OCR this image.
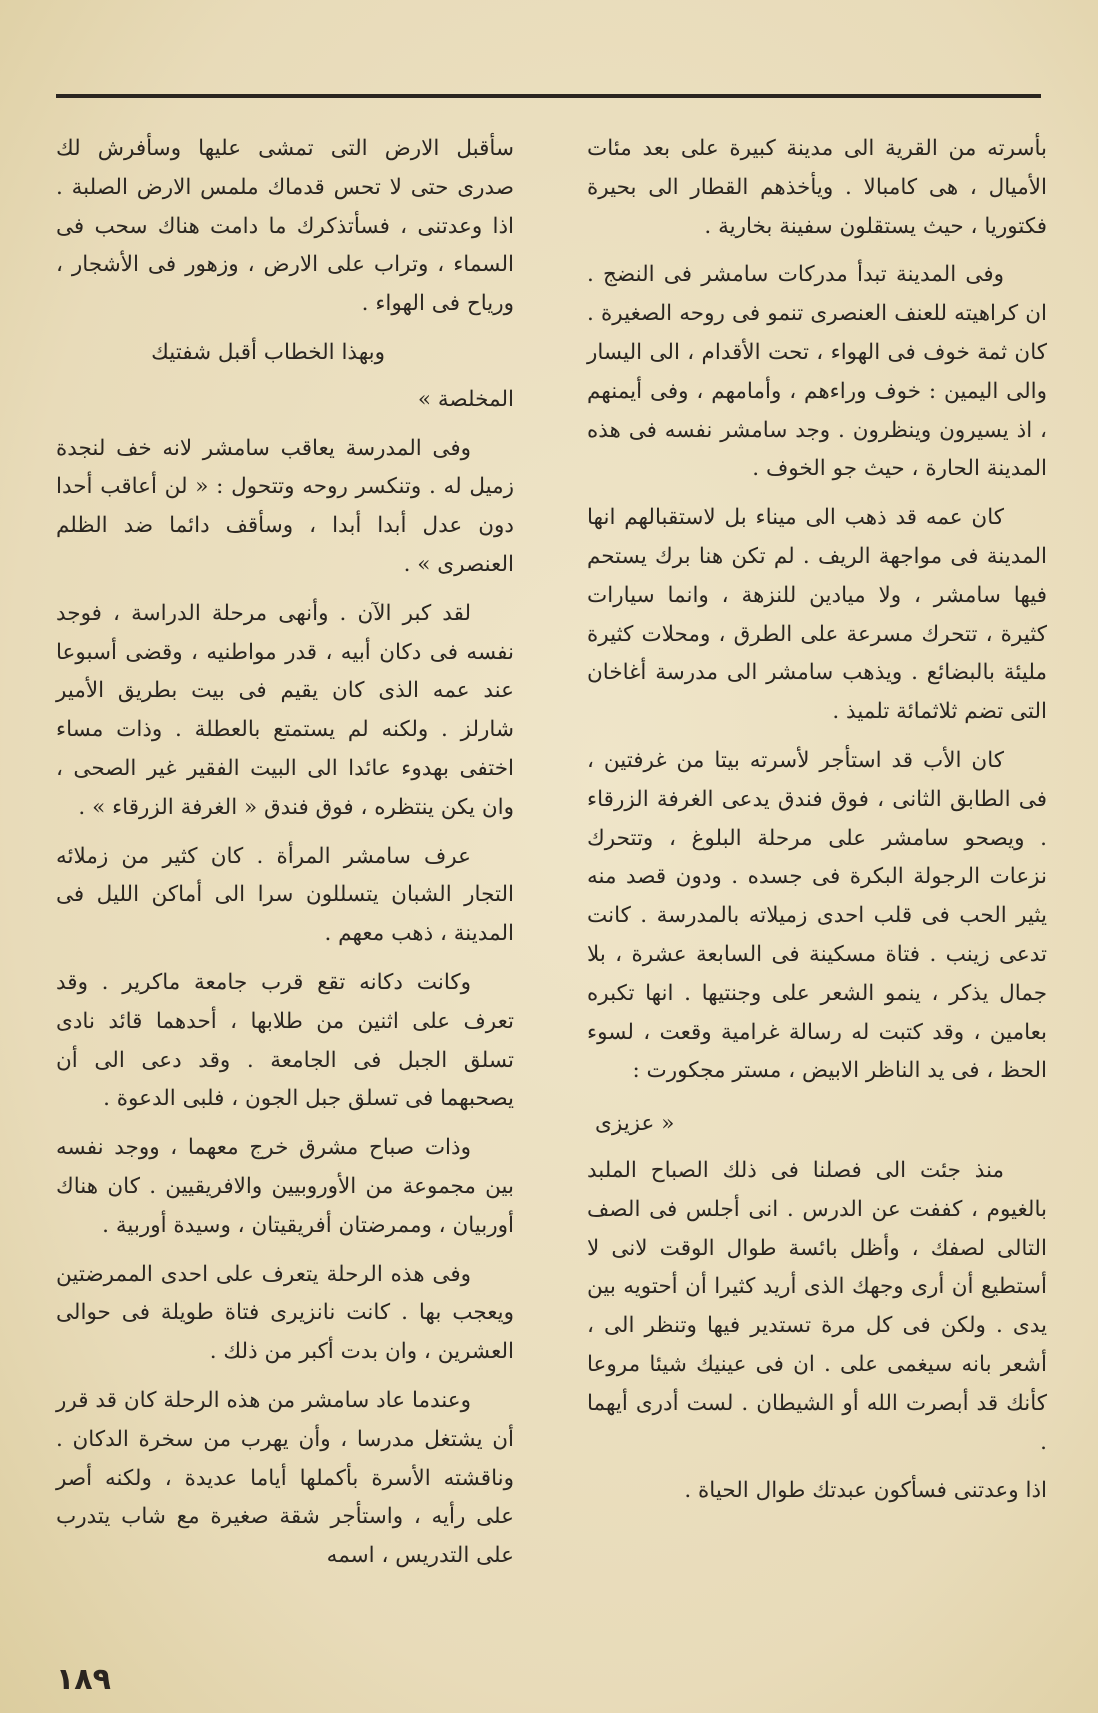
بأسرته من القرية الى مدينة كبيرة على بعد مئات الأميال ، هى كامبالا . ويأخذهم القطار الى بحيرة فكتوريا ، حيث يستقلون سفينة بخارية .

وفى المدينة تبدأ مدركات سامشر فى النضج . ان كراهيته للعنف العنصرى تنمو فى روحه الصغيرة . كان ثمة خوف فى الهواء ، تحت الأقدام ، الى اليسار والى اليمين : خوف وراءهم ، وأمامهم ، وفى أيمنهم ، اذ يسيرون وينظرون . وجد سامشر نفسه فى هذه المدينة الحارة ، حيث جو الخوف .

كان عمه قد ذهب الى ميناء بل لاستقبالهم انها المدينة فى مواجهة الريف . لم تكن هنا برك يستحم فيها سامشر ، ولا ميادين للنزهة ، وانما سيارات كثيرة ، تتحرك مسرعة على الطرق ، ومحلات كثيرة مليئة بالبضائع . ويذهب سامشر الى مدرسة أغاخان التى تضم ثلاثمائة تلميذ .

كان الأب قد استأجر لأسرته بيتا من غرفتين ، فى الطابق الثانى ، فوق فندق يدعى الغرفة الزرقاء . ويصحو سامشر على مرحلة البلوغ ، وتتحرك نزعات الرجولة البكرة فى جسده . ودون قصد منه يثير الحب فى قلب احدى زميلاته بالمدرسة . كانت تدعى زينب . فتاة مسكينة فى السابعة عشرة ، بلا جمال يذكر ، ينمو الشعر على وجنتيها . انها تكبره بعامين ، وقد كتبت له رسالة غرامية وقعت ، لسوء الحظ ، فى يد الناظر الابيض ، مستر مجكورت :

« عزيزى

منذ جئت الى فصلنا فى ذلك الصباح الملبد بالغيوم ، كففت عن الدرس . انى أجلس فى الصف التالى لصفك ، وأظل بائسة طوال الوقت لانى لا أستطيع أن أرى وجهك الذى أريد كثيرا أن أحتويه بين يدى . ولكن فى كل مرة تستدير فيها وتنظر الى ، أشعر بانه سيغمى على . ان فى عينيك شيئا مروعا كأنك قد أبصرت الله أو الشيطان . لست أدرى أيهما .

اذا وعدتنى فسأكون عبدتك طوال الحياة .

سأقبل الارض التى تمشى عليها وسأفرش لك صدرى حتى لا تحس قدماك ملمس الارض الصلبة . اذا وعدتنى ، فسأتذكرك ما دامت هناك سحب فى السماء ، وتراب على الارض ، وزهور فى الأشجار ، ورياح فى الهواء .

وبهذا الخطاب أقبل شفتيك

المخلصة »

وفى المدرسة يعاقب سامشر لانه خف لنجدة زميل له . وتنكسر روحه وتتحول : « لن أعاقب أحدا دون عدل أبدا أبدا ، وسأقف دائما ضد الظلم العنصرى » .

لقد كبر الآن . وأنهى مرحلة الدراسة ، فوجد نفسه فى دكان أبيه ، قدر مواطنيه ، وقضى أسبوعا عند عمه الذى كان يقيم فى بيت بطريق الأمير شارلز . ولكنه لم يستمتع بالعطلة . وذات مساء اختفى بهدوء عائدا الى البيت الفقير غير الصحى ، وان يكن ينتظره ، فوق فندق « الغرفة الزرقاء » .

عرف سامشر المرأة . كان كثير من زملائه التجار الشبان يتسللون سرا الى أماكن الليل فى المدينة ، ذهب معهم .

وكانت دكانه تقع قرب جامعة ماكرير . وقد تعرف على اثنين من طلابها ، أحدهما قائد نادى تسلق الجبل فى الجامعة . وقد دعى الى أن يصحبهما فى تسلق جبل الجون ، فلبى الدعوة .

وذات صباح مشرق خرج معهما ، ووجد نفسه بين مجموعة من الأوروبيين والافريقيين . كان هناك أوربيان ، وممرضتان أفريقيتان ، وسيدة أوربية .

وفى هذه الرحلة يتعرف على احدى الممرضتين ويعجب بها . كانت نانزيرى فتاة طويلة فى حوالى العشرين ، وان بدت أكبر من ذلك .

وعندما عاد سامشر من هذه الرحلة كان قد قرر أن يشتغل مدرسا ، وأن يهرب من سخرة الدكان . وناقشته الأسرة بأكملها أياما عديدة ، ولكنه أصر على رأيه ، واستأجر شقة صغيرة مع شاب يتدرب على التدريس ، اسمه

١٨٩
